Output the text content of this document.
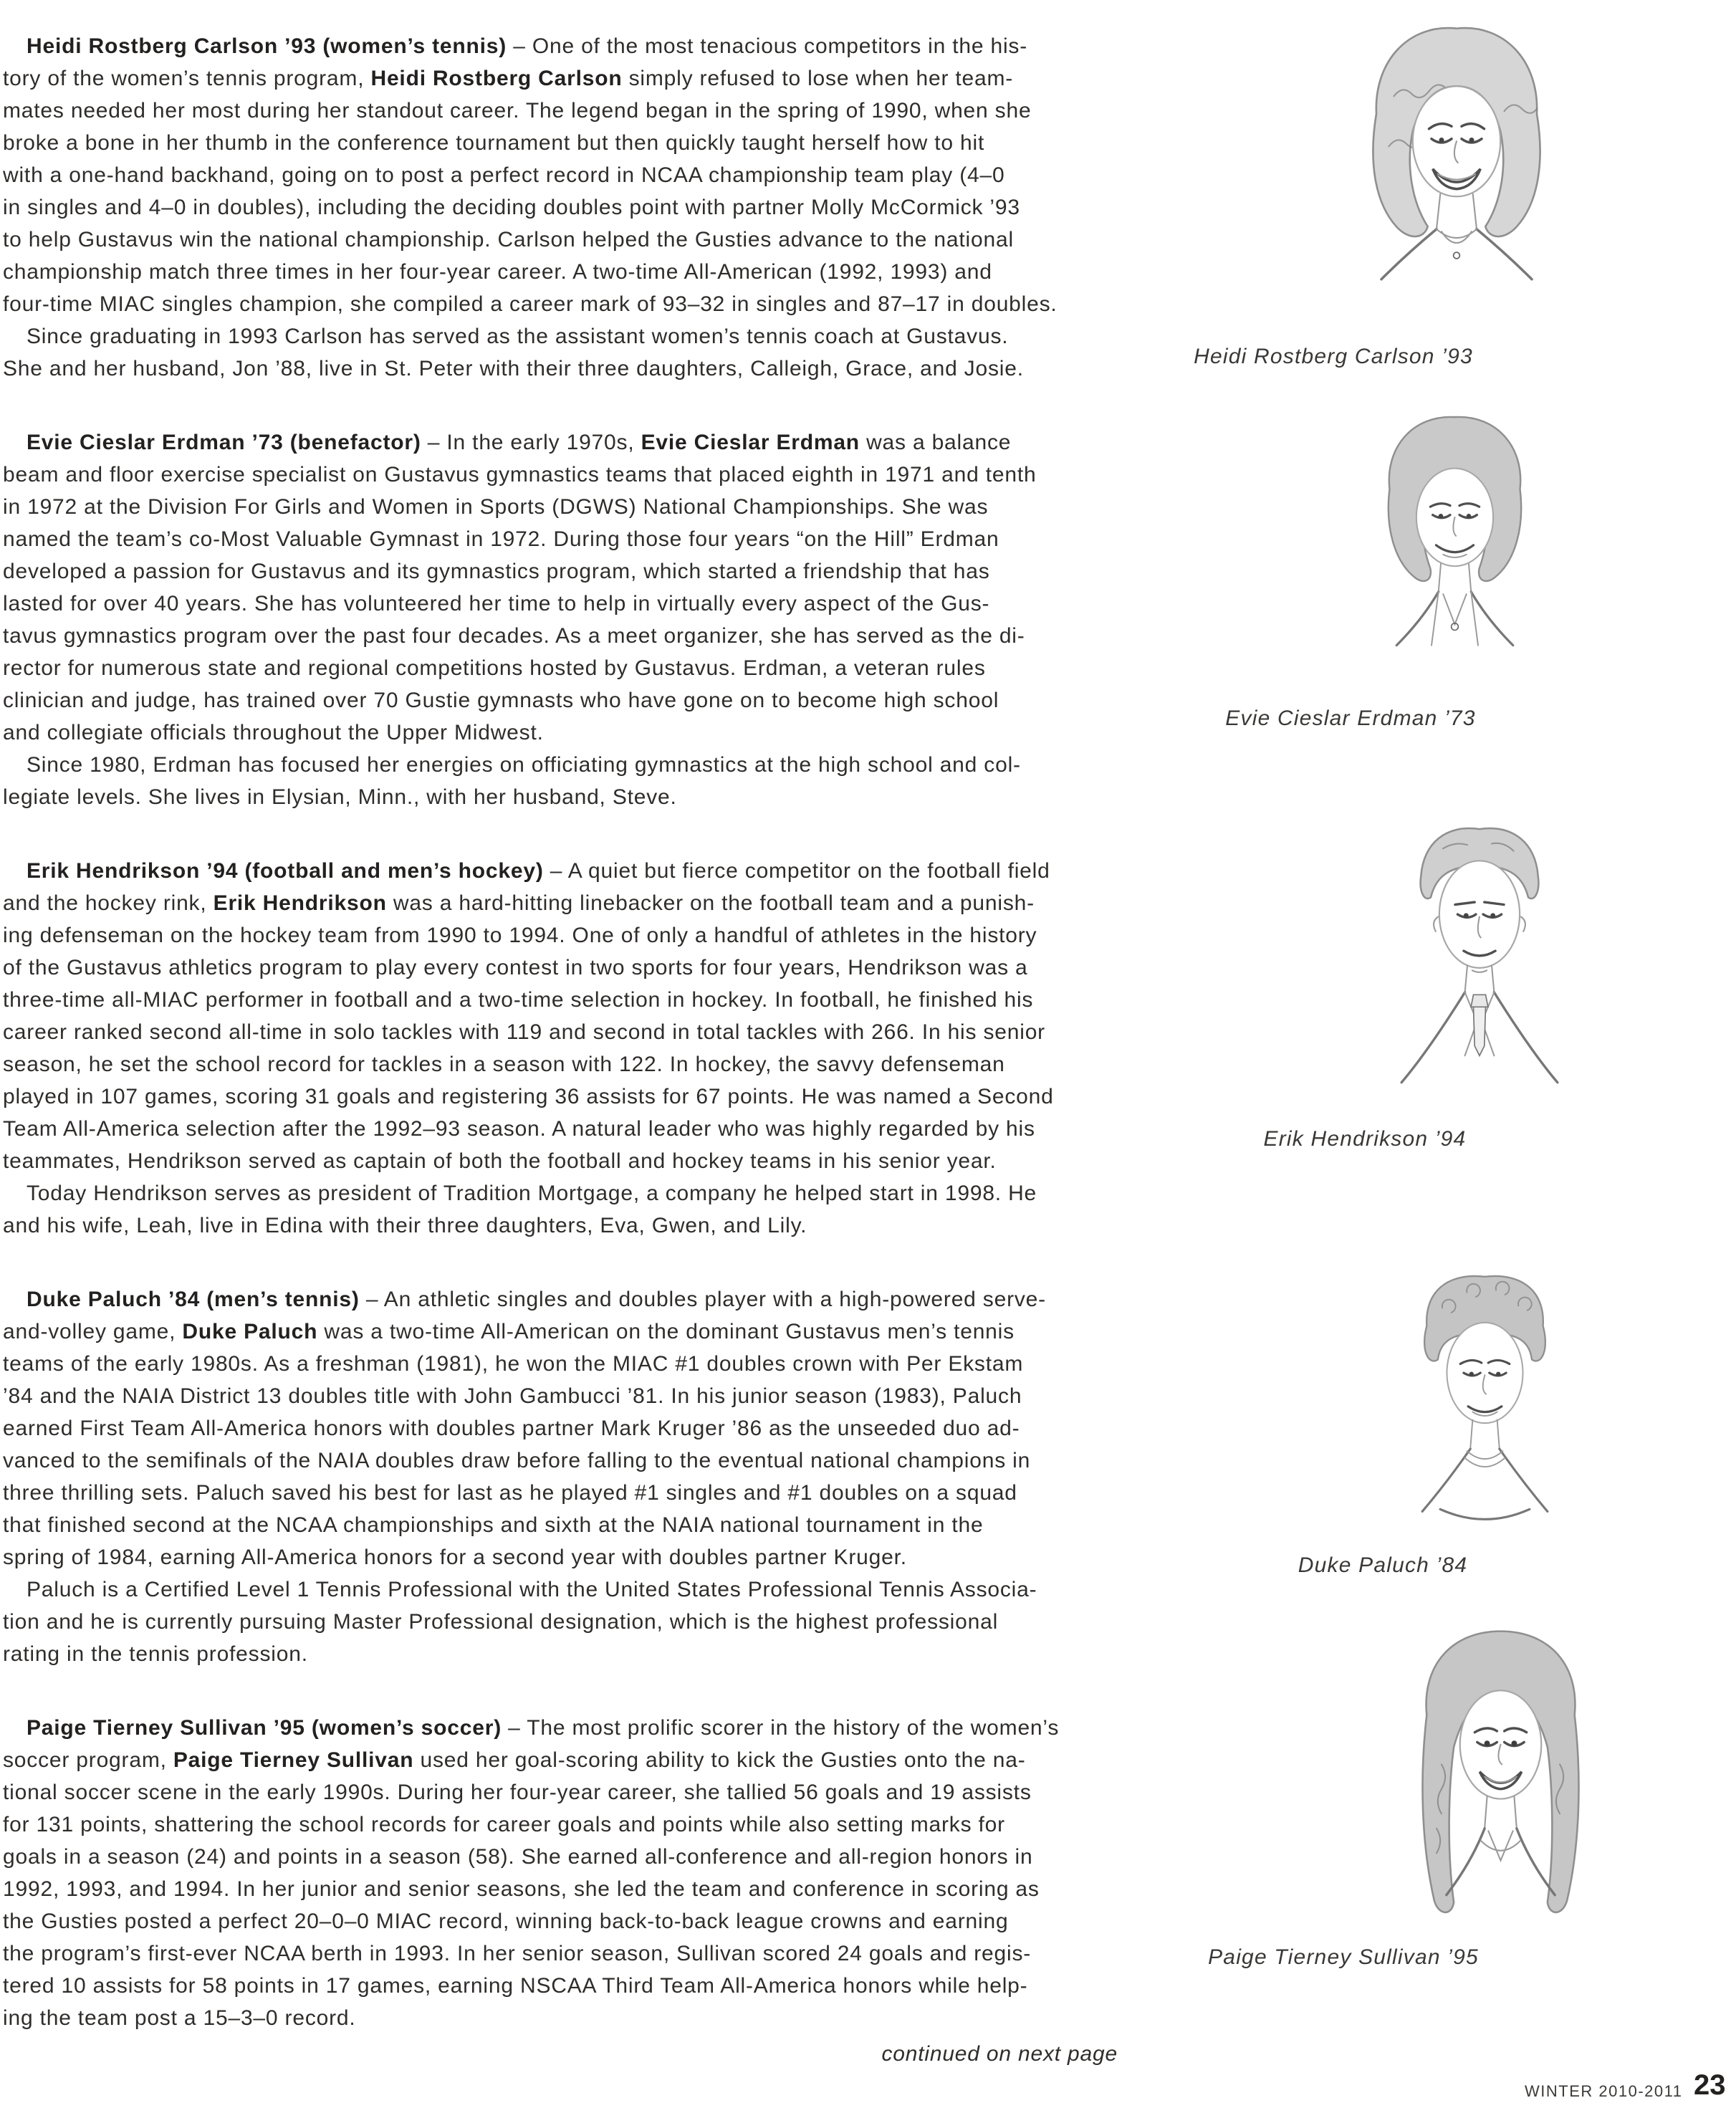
Heidi Rostberg Carlson ’93 (women’s tennis) – One of the most tenacious competitors in the his-
tory of the women’s tennis program, Heidi Rostberg Carlson simply refused to lose when her team-
mates needed her most during her standout career. The legend began in the spring of 1990, when she
broke a bone in her thumb in the conference tournament but then quickly taught herself how to hit
with a one-hand backhand, going on to post a perfect record in NCAA championship team play (4–0
in singles and 4–0 in doubles), including the deciding doubles point with partner Molly McCormick ’93
to help Gustavus win the national championship. Carlson helped the Gusties advance to the national
championship match three times in her four-year career. A two-time All-American (1992, 1993) and
four-time MIAC singles champion, she compiled a career mark of 93–32 in singles and 87–17 in doubles.
Since graduating in 1993 Carlson has served as the assistant women’s tennis coach at Gustavus.
She and her husband, Jon ’88, live in St. Peter with their three daughters, Calleigh, Grace, and Josie.
Evie Cieslar Erdman ’73 (benefactor) – In the early 1970s, Evie Cieslar Erdman was a balance
beam and floor exercise specialist on Gustavus gymnastics teams that placed eighth in 1971 and tenth
in 1972 at the Division For Girls and Women in Sports (DGWS) National Championships. She was
named the team’s co-Most Valuable Gymnast in 1972. During those four years “on the Hill” Erdman
developed a passion for Gustavus and its gymnastics program, which started a friendship that has
lasted for over 40 years. She has volunteered her time to help in virtually every aspect of the Gus-
tavus gymnastics program over the past four decades. As a meet organizer, she has served as the di-
rector for numerous state and regional competitions hosted by Gustavus. Erdman, a veteran rules
clinician and judge, has trained over 70 Gustie gymnasts who have gone on to become high school
and collegiate officials throughout the Upper Midwest.
Since 1980, Erdman has focused her energies on officiating gymnastics at the high school and col-
legiate levels. She lives in Elysian, Minn., with her husband, Steve.
Erik Hendrikson ’94 (football and men’s hockey) – A quiet but fierce competitor on the football field
and the hockey rink, Erik Hendrikson was a hard-hitting linebacker on the football team and a punish-
ing defenseman on the hockey team from 1990 to 1994. One of only a handful of athletes in the history
of the Gustavus athletics program to play every contest in two sports for four years, Hendrikson was a
three-time all-MIAC performer in football and a two-time selection in hockey. In football, he finished his
career ranked second all-time in solo tackles with 119 and second in total tackles with 266. In his senior
season, he set the school record for tackles in a season with 122. In hockey, the savvy defenseman
played in 107 games, scoring 31 goals and registering 36 assists for 67 points. He was named a Second
Team All-America selection after the 1992–93 season. A natural leader who was highly regarded by his
teammates, Hendrikson served as captain of both the football and hockey teams in his senior year.
Today Hendrikson serves as president of Tradition Mortgage, a company he helped start in 1998. He
and his wife, Leah, live in Edina with their three daughters, Eva, Gwen, and Lily.
Duke Paluch ’84 (men’s tennis) – An athletic singles and doubles player with a high-powered serve-
and-volley game, Duke Paluch was a two-time All-American on the dominant Gustavus men’s tennis
teams of the early 1980s. As a freshman (1981), he won the MIAC #1 doubles crown with Per Ekstam
’84 and the NAIA District 13 doubles title with John Gambucci ’81. In his junior season (1983), Paluch
earned First Team All-America honors with doubles partner Mark Kruger ’86 as the unseeded duo ad-
vanced to the semifinals of the NAIA doubles draw before falling to the eventual national champions in
three thrilling sets. Paluch saved his best for last as he played #1 singles and #1 doubles on a squad
that finished second at the NCAA championships and sixth at the NAIA national tournament in the
spring of 1984, earning All-America honors for a second year with doubles partner Kruger.
Paluch is a Certified Level 1 Tennis Professional with the United States Professional Tennis Associa-
tion and he is currently pursuing Master Professional designation, which is the highest professional
rating in the tennis profession.
Paige Tierney Sullivan ’95 (women’s soccer) – The most prolific scorer in the history of the women’s
soccer program, Paige Tierney Sullivan used her goal-scoring ability to kick the Gusties onto the na-
tional soccer scene in the early 1990s. During her four-year career, she tallied 56 goals and 19 assists
for 131 points, shattering the school records for career goals and points while also setting marks for
goals in a season (24) and points in a season (58). She earned all-conference and all-region honors in
1992, 1993, and 1994. In her junior and senior seasons, she led the team and conference in scoring as
the Gusties posted a perfect 20–0–0 MIAC record, winning back-to-back league crowns and earning
the program’s first-ever NCAA berth in 1993. In her senior season, Sullivan scored 24 goals and regis-
tered 10 assists for 58 points in 17 games, earning NSCAA Third Team All-America honors while help-
ing the team post a 15–3–0 record.
continued on next page
Heidi Rostberg Carlson ’93
Evie Cieslar Erdman ’73
Erik Hendrikson ’94
Duke Paluch ’84
Paige Tierney Sullivan ’95
WINTER 2010-2011 23
